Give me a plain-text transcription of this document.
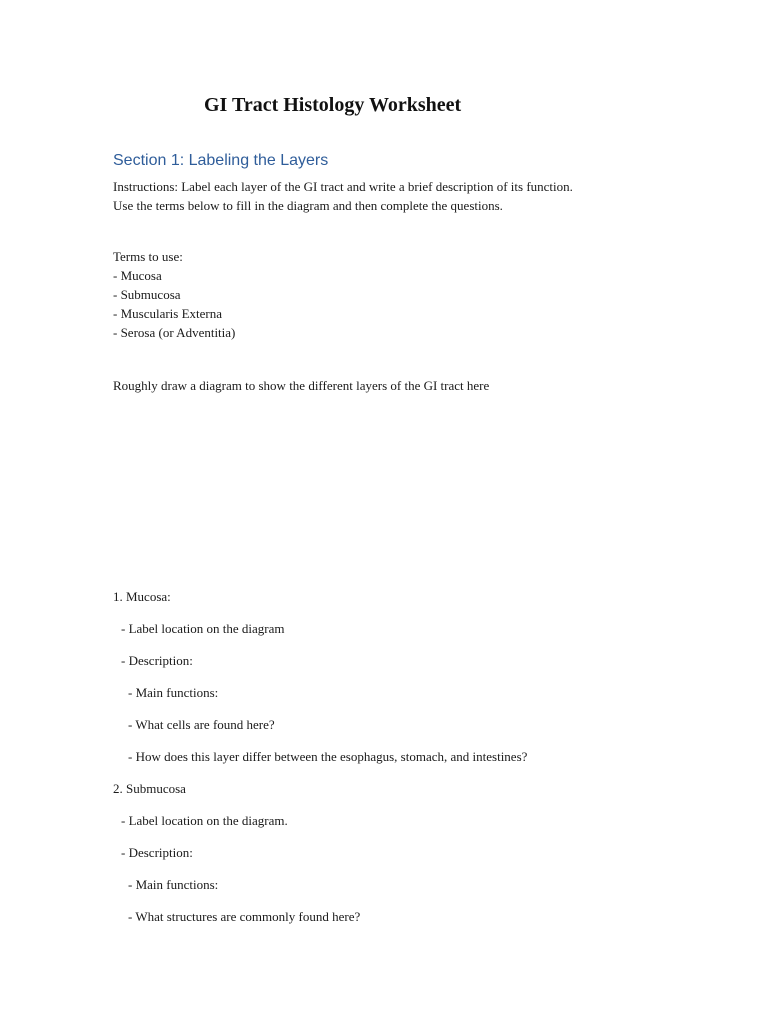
GI Tract Histology Worksheet
Section 1: Labeling the Layers
Instructions: Label each layer of the GI tract and write a brief description of its function.
Use the terms below to fill in the diagram and then complete the questions.
Terms to use:
- Mucosa
- Submucosa
- Muscularis Externa
- Serosa (or Adventitia)
Roughly draw a diagram to show the different layers of the GI tract here
1. Mucosa:
- Label location on the diagram
- Description:
- Main functions:
- What cells are found here?
- How does this layer differ between the esophagus, stomach, and intestines?
2. Submucosa
- Label location on the diagram.
- Description:
- Main functions:
- What structures are commonly found here?
